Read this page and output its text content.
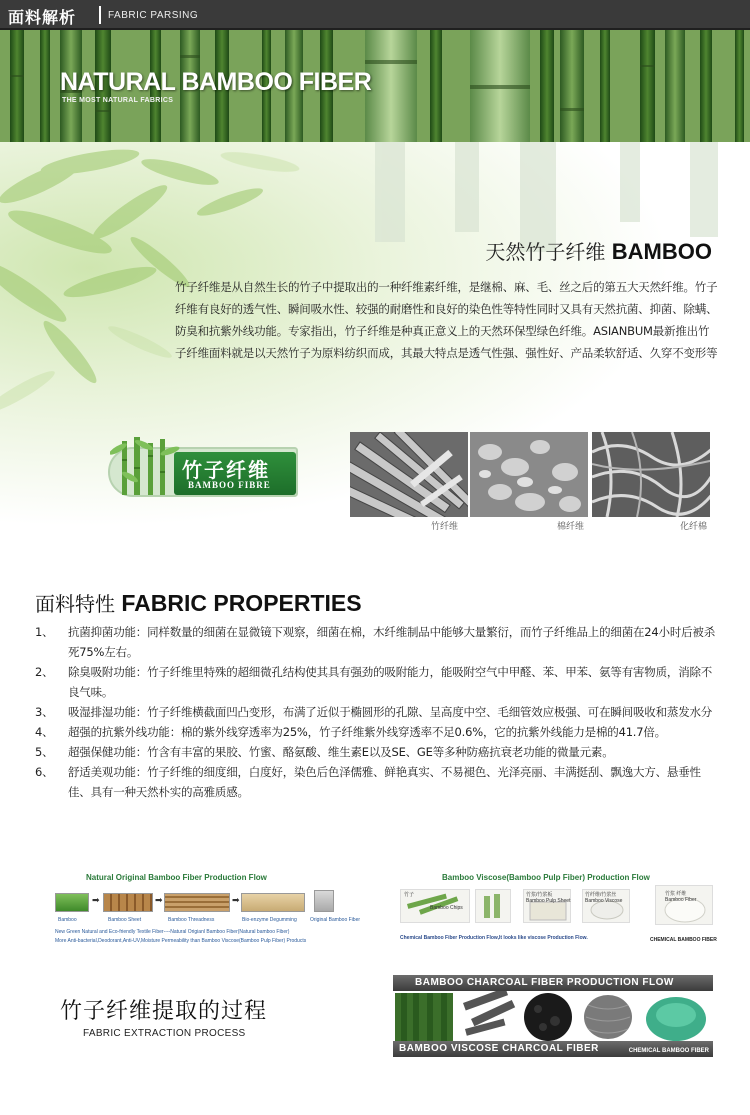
面料解析	FABRIC PARSING
NATURAL BAMBOO FIBER
THE MOST NATURAL FABRICS
天然竹子纤维 BAMBOO

竹子纤维是从自然生长的竹子中提取出的一种纤维素纤维，是继棉、麻、毛、丝之后的第五大天然纤维。竹子纤维有良好的透气性、瞬间吸水性、较强的耐磨性和良好的染色性等特性同时又具有天然抗菌、抑菌、除螨、防臭和抗紫外线功能。专家指出，竹子纤维是种真正意义上的天然环保型绿色纤维。ASIANBUM最新推出竹子纤维面料就是以天然竹子为原料纺织而成，其最大特点是透气性强、强性好、产品柔软舒适、久穿不变形等

竹子纤维
BAMBOO FIBRE
竹纤维	棉纤维	化纤棉
面料特性 FABRIC PROPERTIES
1、 抗菌抑菌功能：同样数量的细菌在显微镜下观察，细菌在棉，木纤维制品中能够大量繁衍，而竹子纤维品上的细菌在24小时后被杀死75%左右。
2、 除臭吸附功能：竹子纤维里特殊的超细微孔结构使其具有强劲的吸附能力，能吸附空气中甲醛、苯、甲苯、氨等有害物质，消除不良气味。
3、 吸湿排湿功能：竹子纤维横截面凹凸变形，布满了近似于椭圆形的孔隙、呈高度中空、毛细管效应极强、可在瞬间吸收和蒸发水分
4、 超强的抗紫外线功能：棉的紫外线穿透率为25%，竹子纤维紫外线穿透率不足0.6%，它的抗紫外线能力是棉的41.7倍。
5、 超强保健功能：竹含有丰富的果胶、竹蜜、酪氨酸、维生素E以及SE、GE等多种防癌抗衰老功能的微量元素。
6、 舒适美观功能：竹子纤维的细度细，白度好，染色后色泽儒雅、鲜艳真实、不易褪色、光泽亮丽、丰满挺刮、飘逸大方、悬垂性佳、具有一种天然朴实的高雅质感。
Natural Original Bamboo Fiber Production Flow
➡	➡	➡
Bamboo	Bamboo Sheet	Bamboo Threadness	Bio-enzyme Degumming	Original Bamboo Fiber
New Green Natural and Eco-friendly Textile Fiber----Natural Origianl Bamboo Fiber(Natural bamboo Fiber)
More Anti-bacterial,Deodorant,Anti-UV,Moisture Permeability than Bamboo Viscose(Bamboo Pulp Fiber) Products
Bamboo Viscose(Bamboo Pulp Fiber) Production Flow
竹子
Bamboo Chips
竹浆/竹浆板
Bamboo Pulp Sheet
竹纤维/竹浆丝
Bamboo Viscose
竹浆 纤维
Bamboo Fiber
Chemical Bamboo Fiber Production Flow,It looks like viscose Production Flow.	CHEMICAL BAMBOO FIBER
BAMBOO CHARCOAL FIBER PRODUCTION FLOW
BAMBOO VISCOSE CHARCOAL FIBER	CHEMICAL BAMBOO FIBER
竹子纤维提取的过程
FABRIC EXTRACTION PROCESS
